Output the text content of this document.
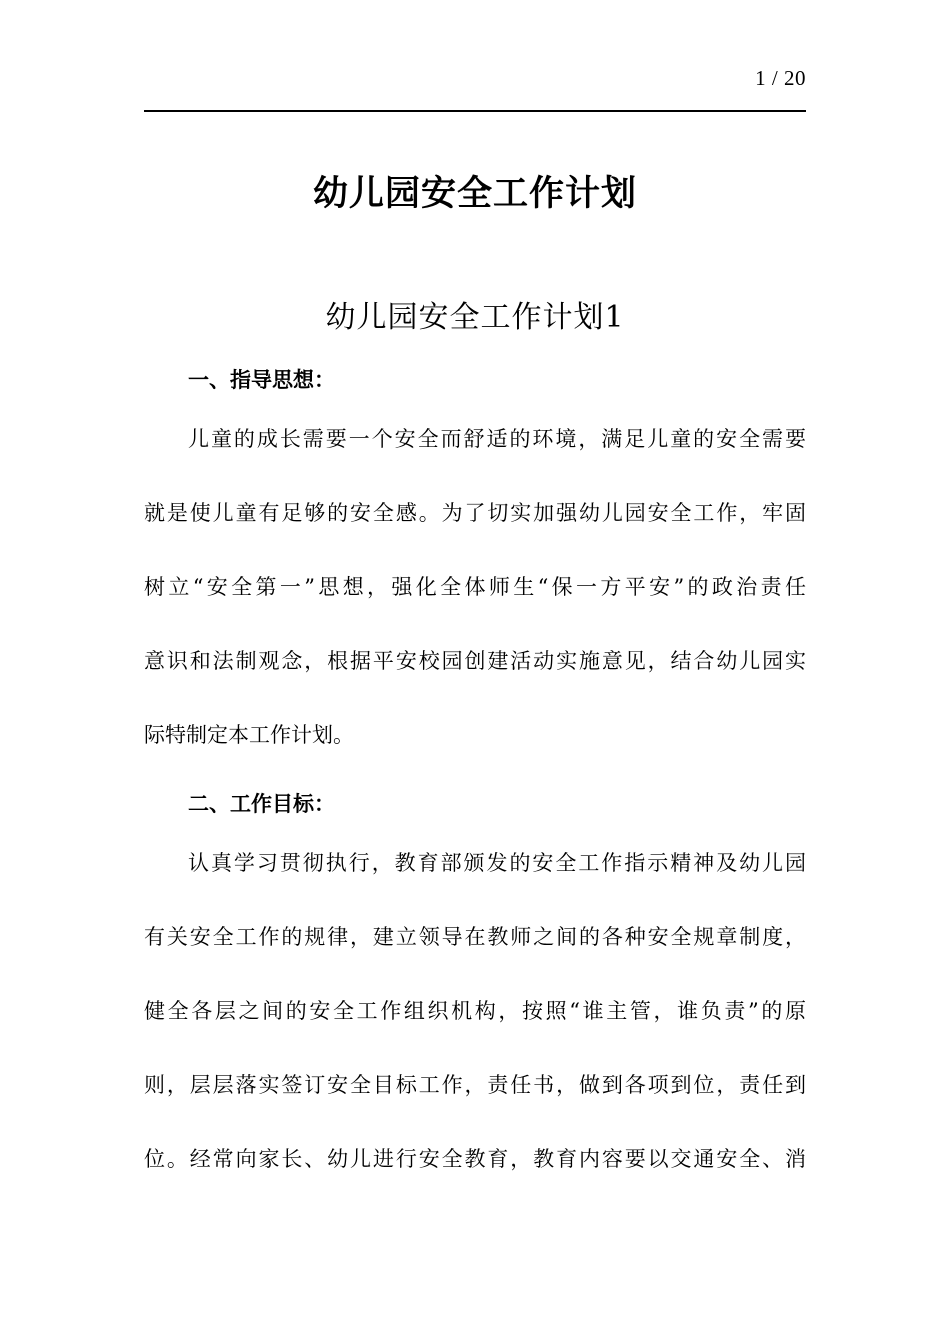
1 / 20
幼儿园安全工作计划
幼儿园安全工作计划1
一、指导思想：
儿童的成长需要一个安全而舒适的环境，满足儿童的安全需要
就是使儿童有足够的安全感。为了切实加强幼儿园安全工作，牢固
树立“安全第一”思想，强化全体师生“保一方平安”的政治责任
意识和法制观念，根据平安校园创建活动实施意见，结合幼儿园实
际特制定本工作计划。
二、工作目标：
认真学习贯彻执行，教育部颁发的安全工作指示精神及幼儿园
有关安全工作的规律，建立领导在教师之间的各种安全规章制度，
健全各层之间的安全工作组织机构，按照“谁主管，谁负责”的原
则，层层落实签订安全目标工作，责任书，做到各项到位，责任到
位。经常向家长、幼儿进行安全教育，教育内容要以交通安全、消
